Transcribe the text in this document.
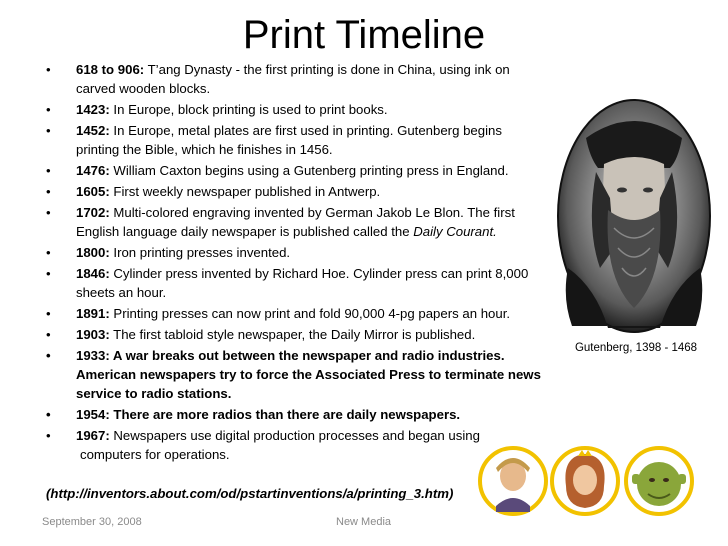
Print Timeline
• 618 to 906: T’ang Dynasty - the first printing is done in China, using ink on carved wooden blocks.
• 1423: In Europe, block printing is used to print books.
• 1452: In Europe, metal plates are first used in printing. Gutenberg begins printing the Bible, which he finishes in 1456.
• 1476: William Caxton begins using a Gutenberg printing press in England.
• 1605: First weekly newspaper published in Antwerp.
• 1702: Multi-colored engraving invented by German Jakob Le Blon. The first English language daily newspaper is published called the Daily Courant.
• 1800: Iron printing presses invented.
• 1846: Cylinder press invented by Richard Hoe. Cylinder press can print 8,000 sheets an hour.
• 1891: Printing presses can now print and fold 90,000 4-pg papers an hour.
• 1903: The first tabloid style newspaper, the Daily Mirror is published.
• 1933: A war breaks out between the newspaper and radio industries. American newspapers try to force the Associated Press to terminate news service to radio stations.
• 1954: There are more radios than there are daily newspapers.
• 1967: Newspapers use digital production processes and began using
computers for operations.
(http://inventors.about.com/od/pstartinventions/a/printing_3.htm)
Gutenberg, 1398 - 1468
September 30, 2008	New Media
